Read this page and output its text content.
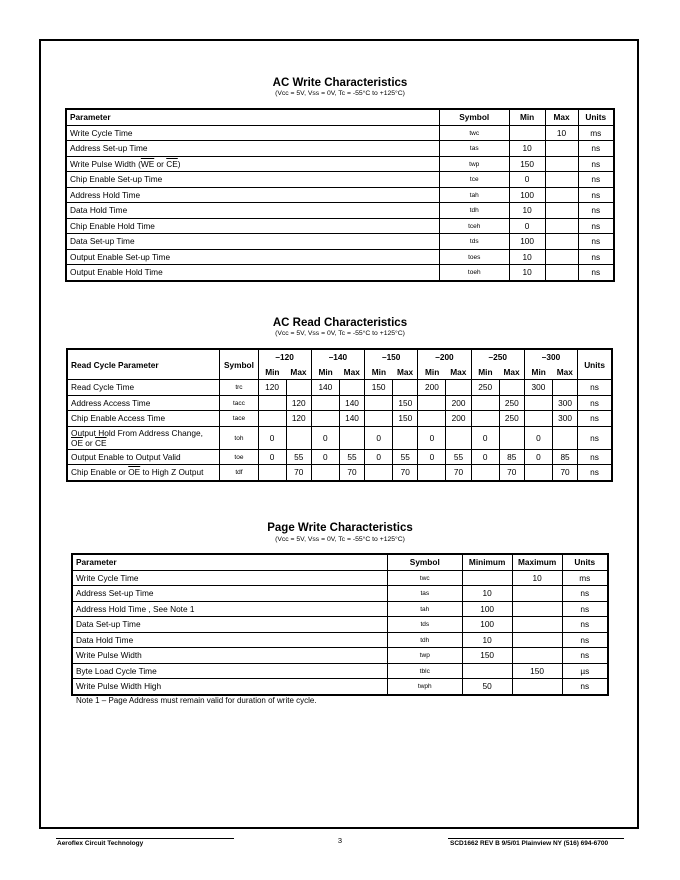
AC Write Characteristics
(Vcc = 5V, Vss = 0V, Tc = -55°C to +125°C)
Parameter	Symbol	Min	Max	Units
Write Cycle Time	twc		10	ms
Address Set-up Time	tas	10		ns
Write Pulse Width ($\overline{WE}$ or $\overline{CE}$)	twp	150		ns
Chip Enable Set-up Time	tce	0		ns
Address Hold Time	tah	100		ns
Data Hold Time	tdh	10		ns
Chip Enable Hold Time	tceh	0		ns
Data Set-up Time	tds	100		ns
Output Enable Set-up Time	toes	10		ns
Output Enable Hold Time	toeh	10		ns
AC Read Characteristics
(Vcc = 5V, Vss = 0V, Tc = -55°C to +125°C)
Read Cycle Parameter	Symbol	–120		–140		–150		–200		–250		–300		Units
		Min	Max	Min	Max	Min	Max	Min	Max	Min	Max	Min	Max	
Read Cycle Time	trc	120		140		150		200		250		300		ns
Address Access Time	tacc		120		140		150		200		250		300	ns
Chip Enable Access Time	tace		120		140		150		200		250		300	ns
Output Hold From Address Change,
$\overline{OE}$ or $\overline{CE}$	toh	0		0		0		0		0		0		ns
Output Enable to Output Valid	toe	0	55	0	55	0	55	0	55	0	85	0	85	ns
Chip Enable or $\overline{OE}$ to High Z Output	tdf		70		70		70		70		70		70	ns
Page Write Characteristics
(Vcc = 5V, Vss = 0V, Tc = -55°C to +125°C)
Parameter	Symbol	Minimum	Maximum	Units
Write Cycle Time	twc		10	ms
Address Set-up Time	tas	10		ns
Address Hold Time , See Note 1	tah	100		ns
Data Set-up Time	tds	100		ns
Data Hold Time	tdh	10		ns
Write Pulse Width	twp	150		ns
Byte Load Cycle Time	tblc		150	µs
Write Pulse Width High	twph	50		ns
Note 1 – Page Address must remain valid for duration of write cycle.
Aeroflex Circuit Technology	3	SCD1662 REV B 9/5/01 Plainview NY (516) 694-6700
